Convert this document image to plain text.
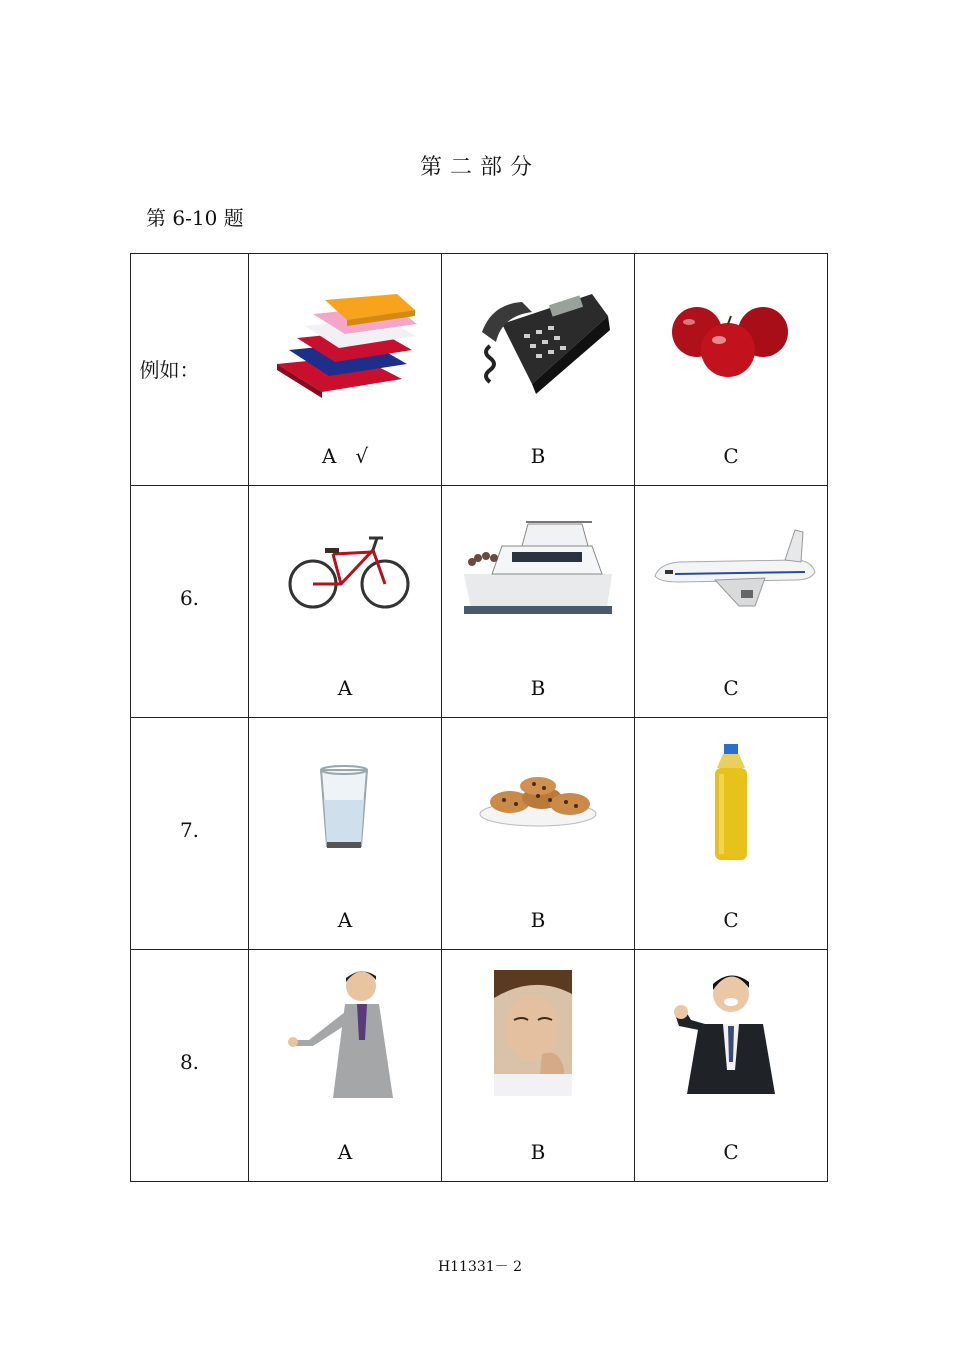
第二部分
第 6-10 题
例如：	A √	B	C

6.	A	B	C

7.	A	B	C

8.	A	B	C
H11331－ 2
